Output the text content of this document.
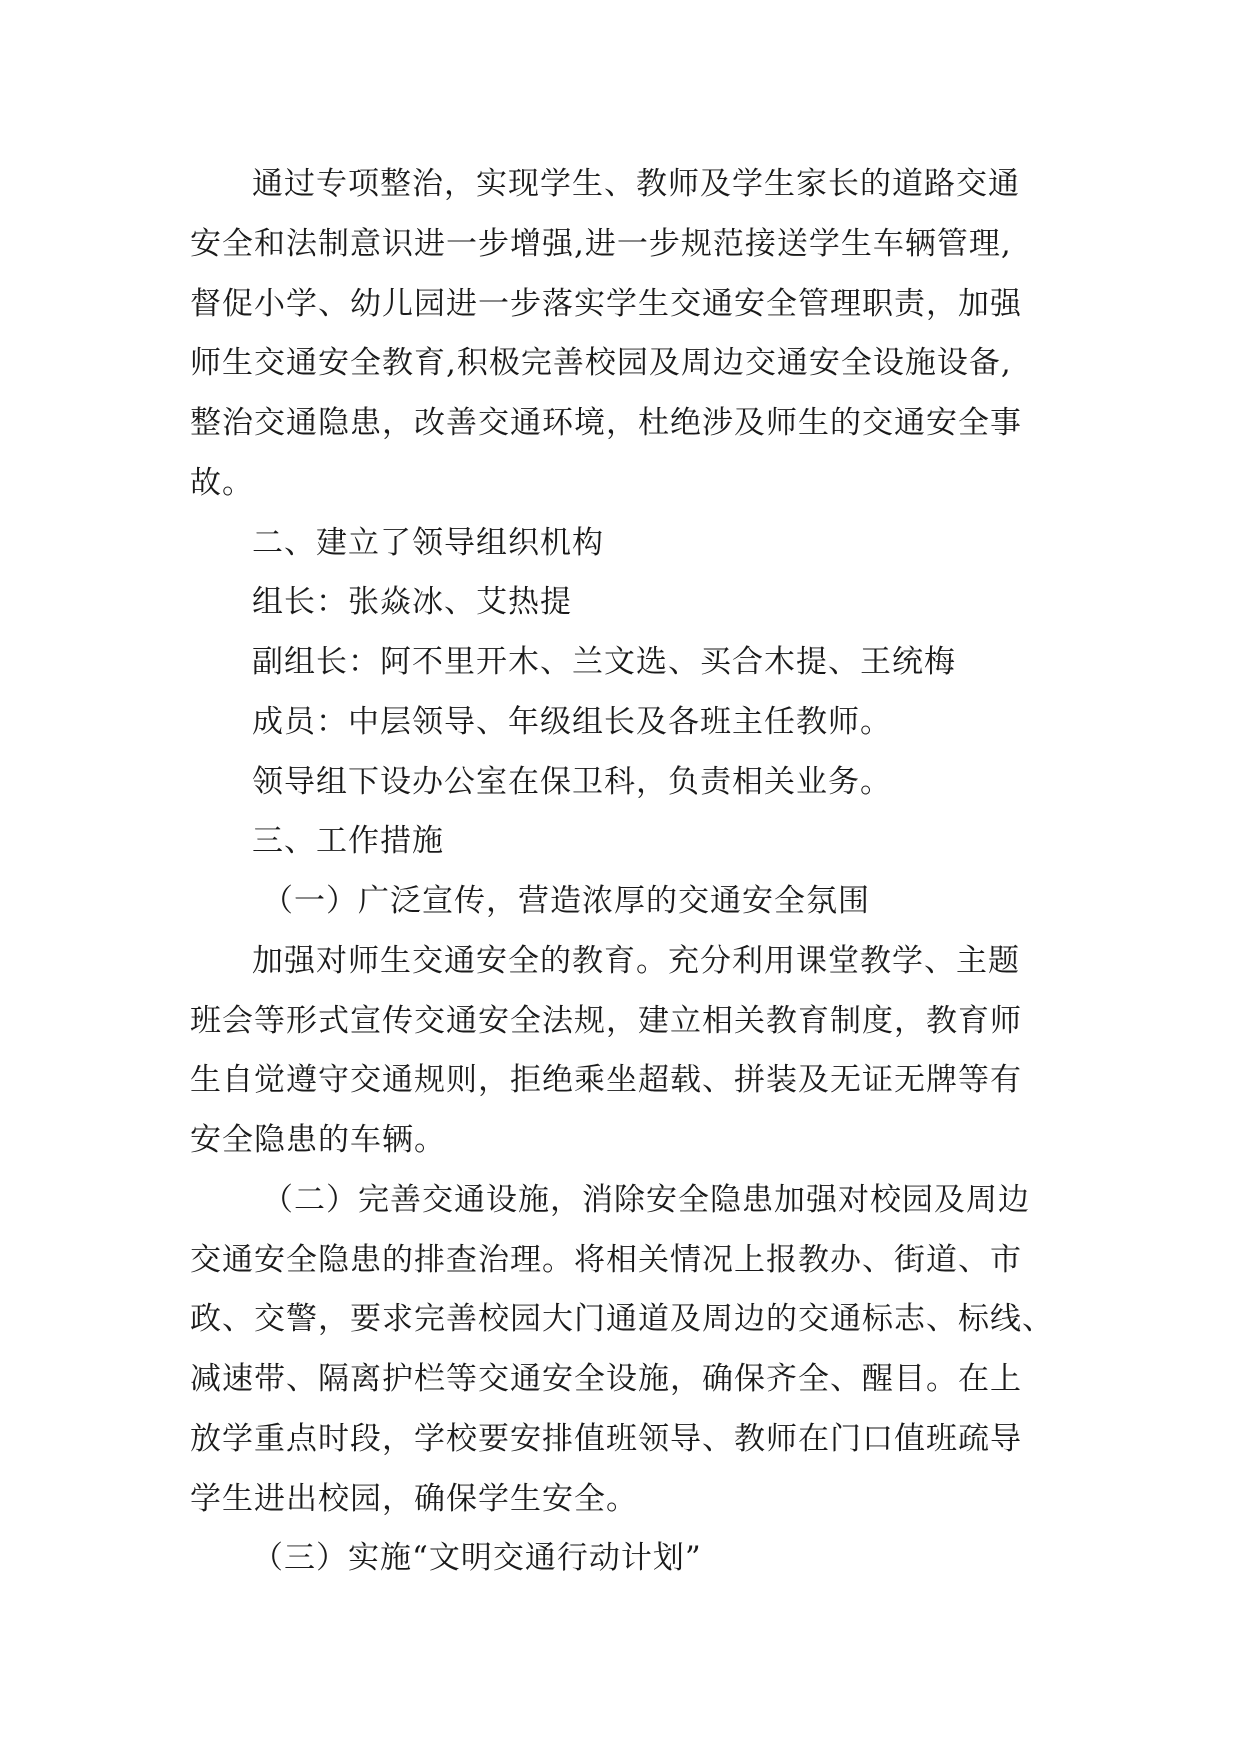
通过专项整治，实现学生、教师及学生家长的道路交通
安全和法制意识进一步增强,进一步规范接送学生车辆管理,
督促小学、幼儿园进一步落实学生交通安全管理职责，加强
师生交通安全教育,积极完善校园及周边交通安全设施设备,
整治交通隐患，改善交通环境，杜绝涉及师生的交通安全事
故。
二、建立了领导组织机构
组长：张焱冰、艾热提
副组长：阿不里开木、兰文选、买合木提、王统梅
成员：中层领导、年级组长及各班主任教师。
领导组下设办公室在保卫科，负责相关业务。
三、工作措施
（一）广泛宣传，营造浓厚的交通安全氛围
加强对师生交通安全的教育。充分利用课堂教学、主题
班会等形式宣传交通安全法规，建立相关教育制度，教育师
生自觉遵守交通规则，拒绝乘坐超载、拼装及无证无牌等有
安全隐患的车辆。
（二）完善交通设施，消除安全隐患加强对校园及周边
交通安全隐患的排查治理。将相关情况上报教办、街道、市
政、交警，要求完善校园大门通道及周边的交通标志、标线、
减速带、隔离护栏等交通安全设施，确保齐全、醒目。在上
放学重点时段，学校要安排值班领导、教师在门口值班疏导
学生进出校园，确保学生安全。
（三）实施“文明交通行动计划”
